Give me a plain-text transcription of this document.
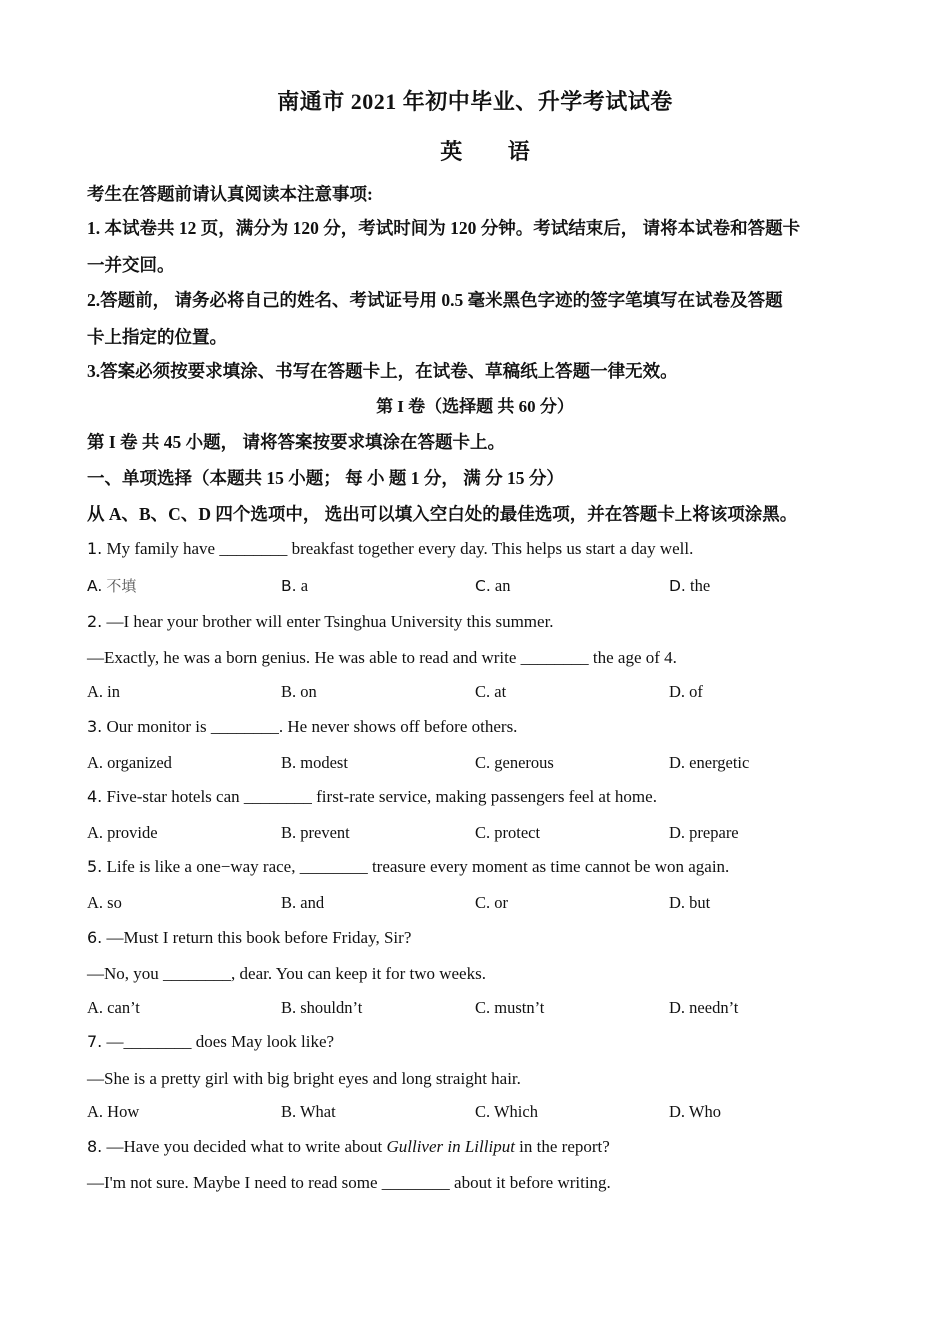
南通市 2021 年初中毕业、升学考试试卷
英 语
考生在答题前请认真阅读本注意事项:
1. 本试卷共 12 页，满分为 120 分，考试时间为 120 分钟。考试结束后， 请将本试卷和答题卡
一并交回。
2.答题前， 请务必将自己的姓名、考试证号用 0.5 毫米黑色字迹的签字笔填写在试卷及答题
卡上指定的位置。
3.答案必须按要求填涂、书写在答题卡上，在试卷、草稿纸上答题一律无效。
第 I 卷（选择题 共 60 分）
第 I 卷 共 45 小题， 请将答案按要求填涂在答题卡上。
一、单项选择（本题共 15 小题； 每 小 题 1 分， 满 分 15 分）
从 A、B、C、D 四个选项中， 选出可以填入空白处的最佳选项，并在答题卡上将该项涂黑。
1. My family have ________ breakfast together every day. This helps us start a day well.
A. 不填	B. a	C. an	D. the
2. —I hear your brother will enter Tsinghua University this summer.
—Exactly, he was a born genius. He was able to read and write ________ the age of 4.
A. in	B. on	C. at	D. of
3. Our monitor is ________. He never shows off before others.
A. organized	B. modest	C. generous	D. energetic
4. Five-star hotels can ________ first-rate service, making passengers feel at home.
A. provide	B. prevent	C. protect	D. prepare
5. Life is like a one−way race, ________ treasure every moment as time cannot be won again.
A. so	B. and	C. or	D. but
6. —Must I return this book before Friday, Sir?
—No, you ________, dear. You can keep it for two weeks.
A. can’t	B. shouldn’t	C. mustn’t	D. needn’t
7. —________ does May look like?
—She is a pretty girl with big bright eyes and long straight hair.
A. How	B. What	C. Which	D. Who
8. —Have you decided what to write about Gulliver in Lilliput in the report?
—I'm not sure. Maybe I need to read some ________ about it before writing.
